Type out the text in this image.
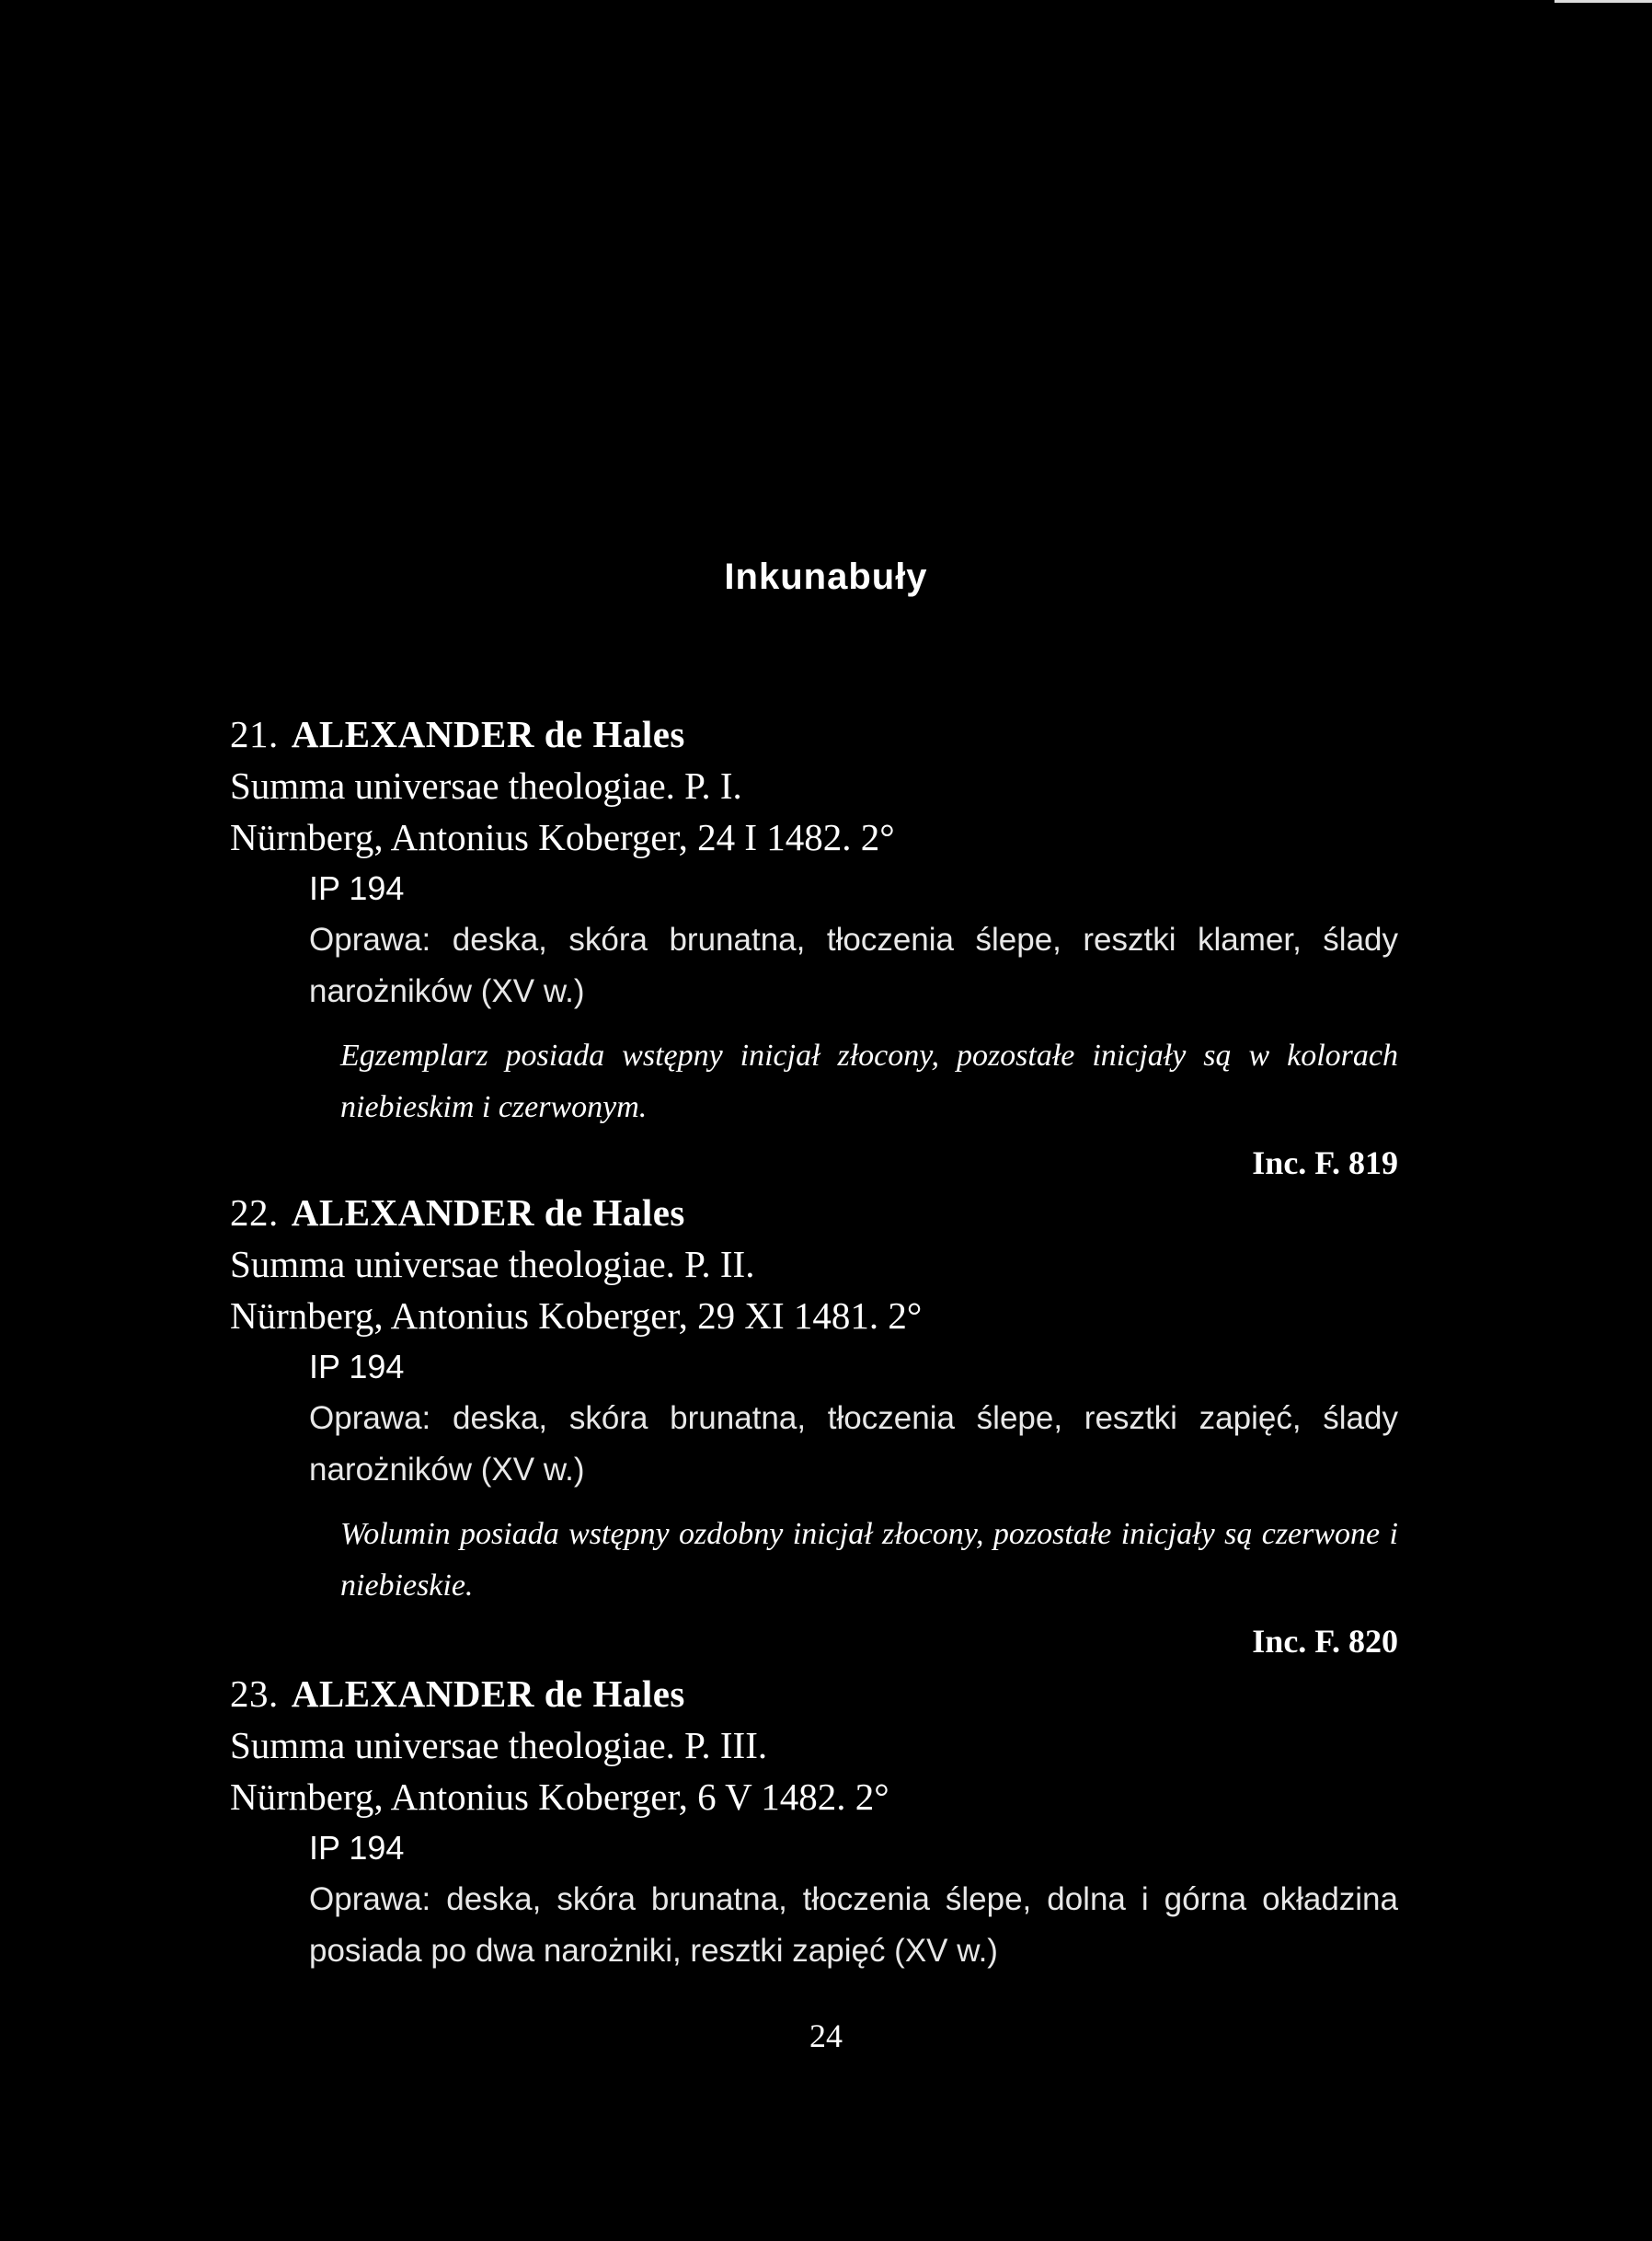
Inkunabuły
21. ALEXANDER de Hales
Summa universae theologiae. P. I.
Nürnberg, Antonius Koberger, 24 I 1482. 2°
IP 194
Oprawa: deska, skóra brunatna, tłoczenia ślepe, resztki klamer, ślady narożników (XV w.)
Egzemplarz posiada wstępny inicjał złocony, pozostałe inicjały są w kolorach niebieskim i czerwonym.
Inc. F. 819
22. ALEXANDER de Hales
Summa universae theologiae. P. II.
Nürnberg, Antonius Koberger, 29 XI 1481. 2°
IP 194
Oprawa: deska, skóra brunatna, tłoczenia ślepe, resztki zapięć, ślady narożników (XV w.)
Wolumin posiada wstępny ozdobny inicjał złocony, pozostałe inicjały są czerwone i niebieskie.
Inc. F. 820
23. ALEXANDER de Hales
Summa universae theologiae. P. III.
Nürnberg, Antonius Koberger, 6 V 1482. 2°
IP 194
Oprawa: deska, skóra brunatna, tłoczenia ślepe, dolna i górna okładzina posiada po dwa narożniki, resztki zapięć (XV w.)
24
